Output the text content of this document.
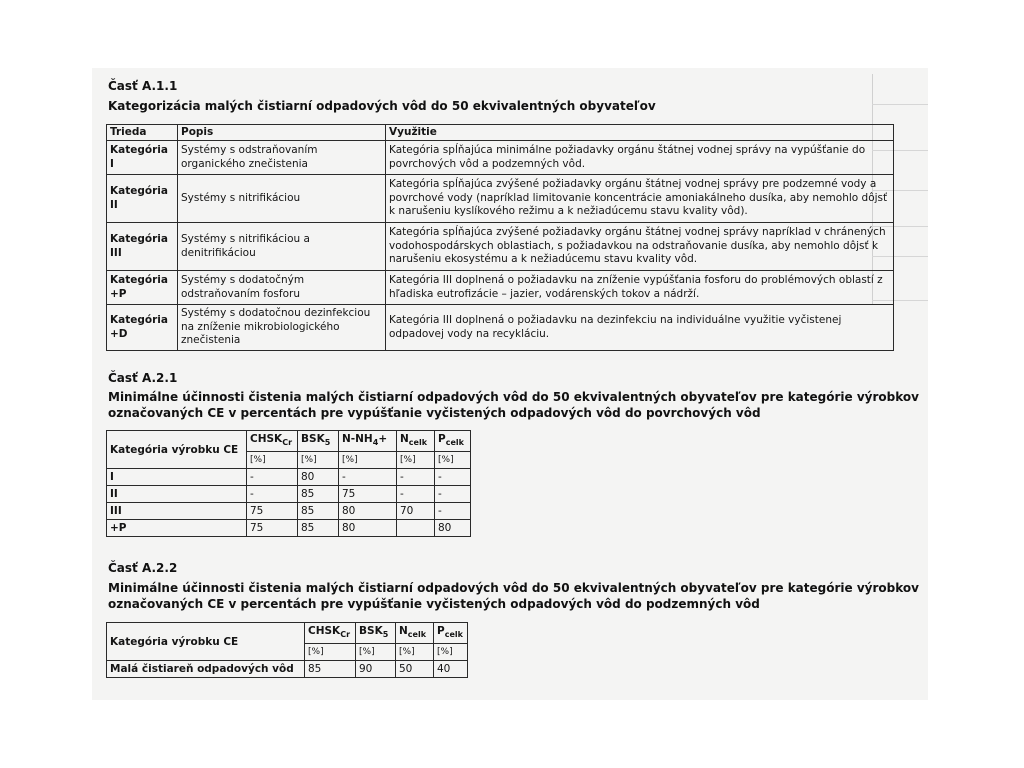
Časť A.1.1

Kategorizácia malých čistiarní odpadových vôd do 50 ekvivalentných obyvateľov

Trieda	Popis	Využitie
Kategória I	Systémy s odstraňovaním organického znečistenia	Kategória spĺňajúca minimálne požiadavky orgánu štátnej vodnej správy na vypúšťanie do povrchových vôd a podzemných vôd.
Kategória II	Systémy s nitrifikáciou	Kategória spĺňajúca zvýšené požiadavky orgánu štátnej vodnej správy pre podzemné vody a povrchové vody (napríklad limitovanie koncentrácie amoniakálneho dusíka, aby nemohlo dôjsť k narušeniu kyslíkového režimu a k nežiadúcemu stavu kvality vôd).
Kategória III	Systémy s nitrifikáciou a denitrifikáciou	Kategória spĺňajúca zvýšené požiadavky orgánu štátnej vodnej správy napríklad v chránených vodohospodárskych oblastiach, s požiadavkou na odstraňovanie dusíka, aby nemohlo dôjsť k narušeniu ekosystému a k nežiadúcemu stavu kvality vôd.
Kategória +P	Systémy s dodatočným odstraňovaním fosforu	Kategória III doplnená o požiadavku na zníženie vypúšťania fosforu do problémových oblastí z hľadiska eutrofizácie – jazier, vodárenských tokov a nádrží.
Kategória +D	Systémy s dodatočnou dezinfekciou na zníženie mikrobiologického znečistenia	Kategória III doplnená o požiadavku na dezinfekciu na individuálne využitie vyčistenej odpadovej vody na recykláciu.

Časť A.2.1

Minimálne účinnosti čistenia malých čistiarní odpadových vôd do 50 ekvivalentných obyvateľov pre kategórie výrobkov

označovaných CE v percentách pre vypúšťanie vyčistených odpadových vôd do povrchových vôd

Kategória výrobku CE	$CHSK_{Cr}$	$BSK_5$	$N-NH_4+$	$N_{celk}$	$P_{celk}$
	[%]	[%]	[%]	[%]	[%]
I	-	80	-	-	-
II	-	85	75	-	-
III	75	85	80	70	-
+P	75	85	80		80

Časť A.2.2

Minimálne účinnosti čistenia malých čistiarní odpadových vôd do 50 ekvivalentných obyvateľov pre kategórie výrobkov

označovaných CE v percentách pre vypúšťanie vyčistených odpadových vôd do podzemných vôd

Kategória výrobku CE	$CHSK_{Cr}$	$BSK_5$	$N_{celk}$	$P_{celk}$
	[%]	[%]	[%]	[%]
Malá čistiareň odpadových vôd	85	90	50	40
